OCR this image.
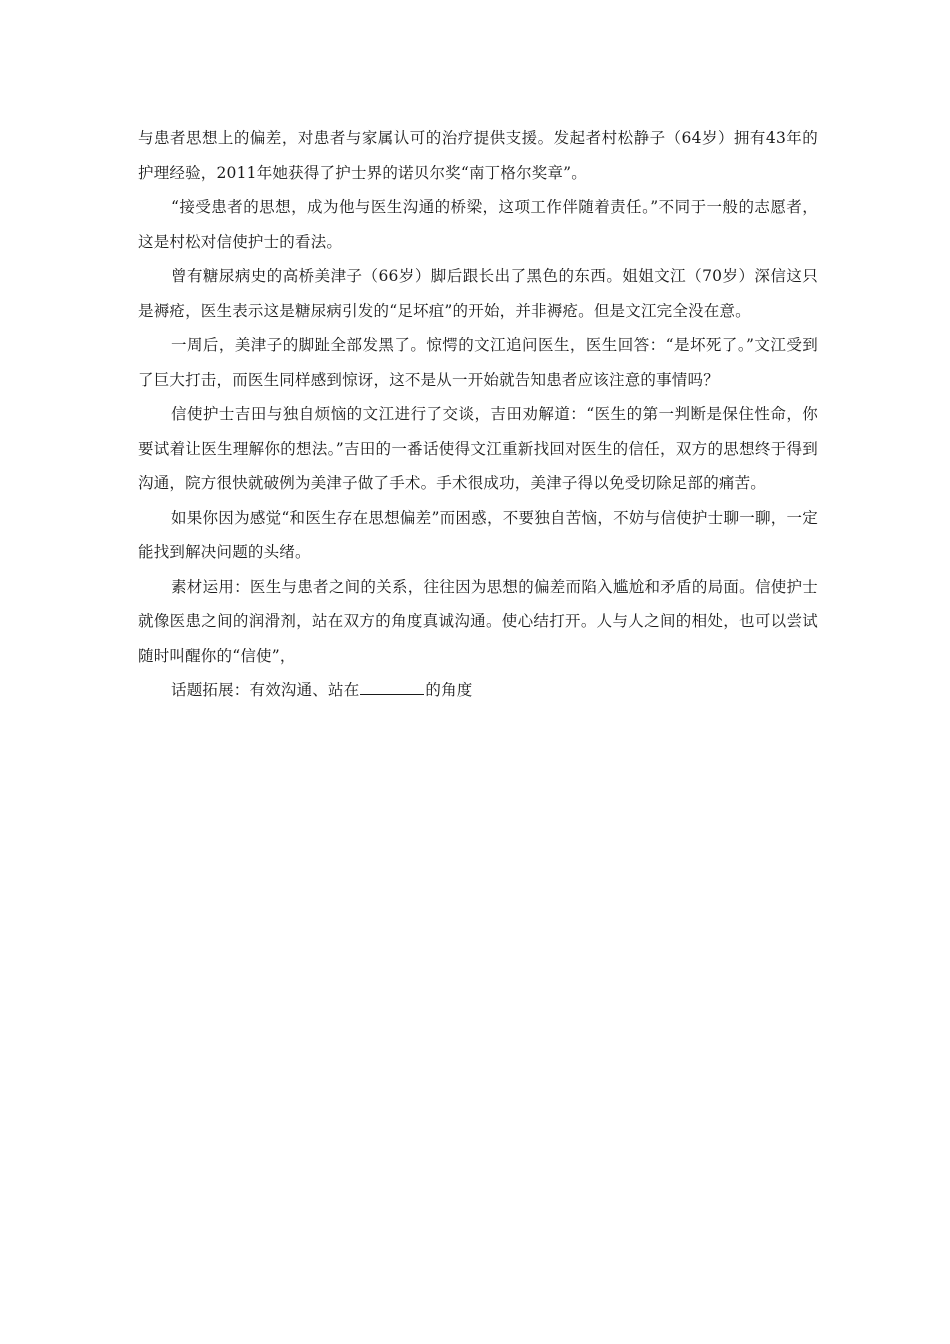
与患者思想上的偏差，对患者与家属认可的治疗提供支援。发起者村松静子（64岁）拥有43年的护理经验，2011年她获得了护士界的诺贝尔奖“南丁格尔奖章”。

“接受患者的思想，成为他与医生沟通的桥梁，这项工作伴随着责任。”不同于一般的志愿者，这是村松对信使护士的看法。

曾有糖尿病史的高桥美津子（66岁）脚后跟长出了黑色的东西。姐姐文江（70岁）深信这只是褥疮，医生表示这是糖尿病引发的“足坏疽”的开始，并非褥疮。但是文江完全没在意。

一周后，美津子的脚趾全部发黑了。惊愕的文江追问医生，医生回答：“是坏死了。”文江受到了巨大打击，而医生同样感到惊讶，这不是从一开始就告知患者应该注意的事情吗？

信使护士吉田与独自烦恼的文江进行了交谈，吉田劝解道：“医生的第一判断是保住性命，你要试着让医生理解你的想法。”吉田的一番话使得文江重新找回对医生的信任，双方的思想终于得到沟通，院方很快就破例为美津子做了手术。手术很成功，美津子得以免受切除足部的痛苦。

如果你因为感觉“和医生存在思想偏差”而困惑，不要独自苦恼，不妨与信使护士聊一聊，一定能找到解决问题的头绪。

素材运用：医生与患者之间的关系，往往因为思想的偏差而陷入尴尬和矛盾的局面。信使护士就像医患之间的润滑剂，站在双方的角度真诚沟通。使心结打开。人与人之间的相处，也可以尝试随时叫醒你的“信使”，

话题拓展：有效沟通、站在	的角度
